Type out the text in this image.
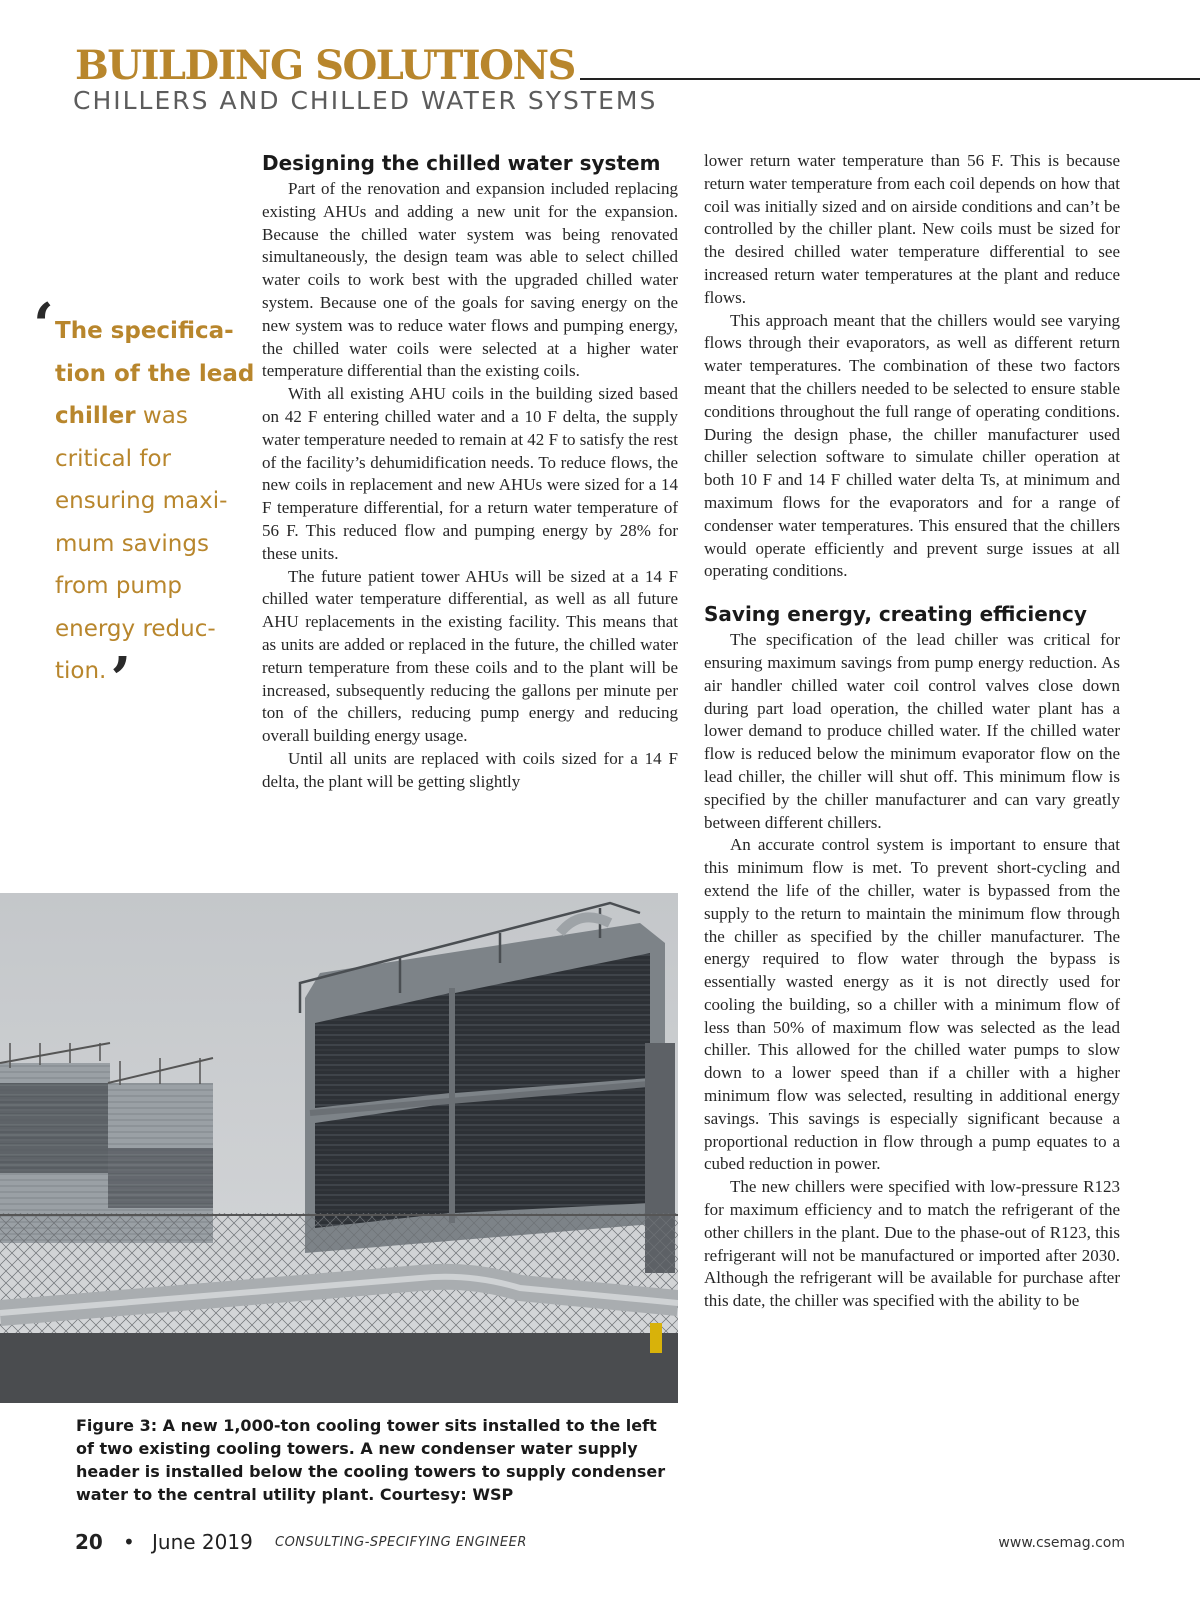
BUILDING SOLUTIONS
CHILLERS AND CHILLED WATER SYSTEMS
‘ The specifica- tion of the lead chiller was critical for ensuring maxi- mum savings from pump energy reduc- tion.’
Designing the chilled water system

Part of the renovation and expansion included replacing existing AHUs and adding a new unit for the expansion. Because the chilled water system was being renovated simultaneously, the design team was able to select chilled water coils to work best with the upgraded chilled water system. Because one of the goals for saving energy on the new system was to reduce water flows and pumping energy, the chilled water coils were selected at a higher water temperature differential than the existing coils.

With all existing AHU coils in the building sized based on 42 F entering chilled water and a 10 F delta, the supply water temperature needed to remain at 42 F to satisfy the rest of the facility’s dehumidification needs. To reduce flows, the new coils in replacement and new AHUs were sized for a 14 F temperature differential, for a return water temperature of 56 F. This reduced flow and pumping energy by 28% for these units.

The future patient tower AHUs will be sized at a 14 F chilled water temperature differential, as well as all future AHU replacements in the existing facility. This means that as units are added or replaced in the future, the chilled water return temperature from these coils and to the plant will be increased, subsequently reducing the gallons per minute per ton of the chillers, reducing pump energy and reducing overall building energy usage.

Until all units are replaced with coils sized for a 14 F delta, the plant will be getting slightly

lower return water temperature than 56 F. This is because return water temperature from each coil depends on how that coil was initially sized and on airside conditions and can’t be controlled by the chiller plant. New coils must be sized for the desired chilled water temperature differential to see increased return water temperatures at the plant and reduce flows.

This approach meant that the chillers would see varying flows through their evaporators, as well as different return water temperatures. The combination of these two factors meant that the chillers needed to be selected to ensure stable conditions throughout the full range of operating conditions. During the design phase, the chiller manufacturer used chiller selection software to simulate chiller operation at both 10 F and 14 F chilled water delta Ts, at minimum and maximum flows for the evaporators and for a range of condenser water temperatures. This ensured that the chillers would operate efficiently and prevent surge issues at all operating conditions.

Saving energy, creating efficiency

The specification of the lead chiller was critical for ensuring maximum savings from pump energy reduction. As air handler chilled water coil control valves close down during part load operation, the chilled water plant has a lower demand to produce chilled water. If the chilled water flow is reduced below the minimum evaporator flow on the lead chiller, the chiller will shut off. This minimum flow is specified by the chiller manufacturer and can vary greatly between different chillers.

An accurate control system is important to ensure that this minimum flow is met. To prevent short-cycling and extend the life of the chiller, water is bypassed from the supply to the return to maintain the minimum flow through the chiller as specified by the chiller manufacturer. The energy required to flow water through the bypass is essentially wasted energy as it is not directly used for cooling the building, so a chiller with a minimum flow of less than 50% of maximum flow was selected as the lead chiller. This allowed for the chilled water pumps to slow down to a lower speed than if a chiller with a higher minimum flow was selected, resulting in additional energy savings. This savings is especially significant because a proportional reduction in flow through a pump equates to a cubed reduction in power.

The new chillers were specified with low-pressure R123 for maximum efficiency and to match the refrigerant of the other chillers in the plant. Due to the phase-out of R123, this refrigerant will not be manufactured or imported after 2030. Although the refrigerant will be available for purchase after this date, the chiller was specified with the ability to be

Figure 3: A new 1,000-ton cooling tower sits installed to the left of two existing cooling towers. A new condenser water supply header is installed below the cooling towers to supply condenser water to the central utility plant. Courtesy: WSP
20 • June 2019 CONSULTING-SPECIFYING ENGINEER	www.csemag.com
